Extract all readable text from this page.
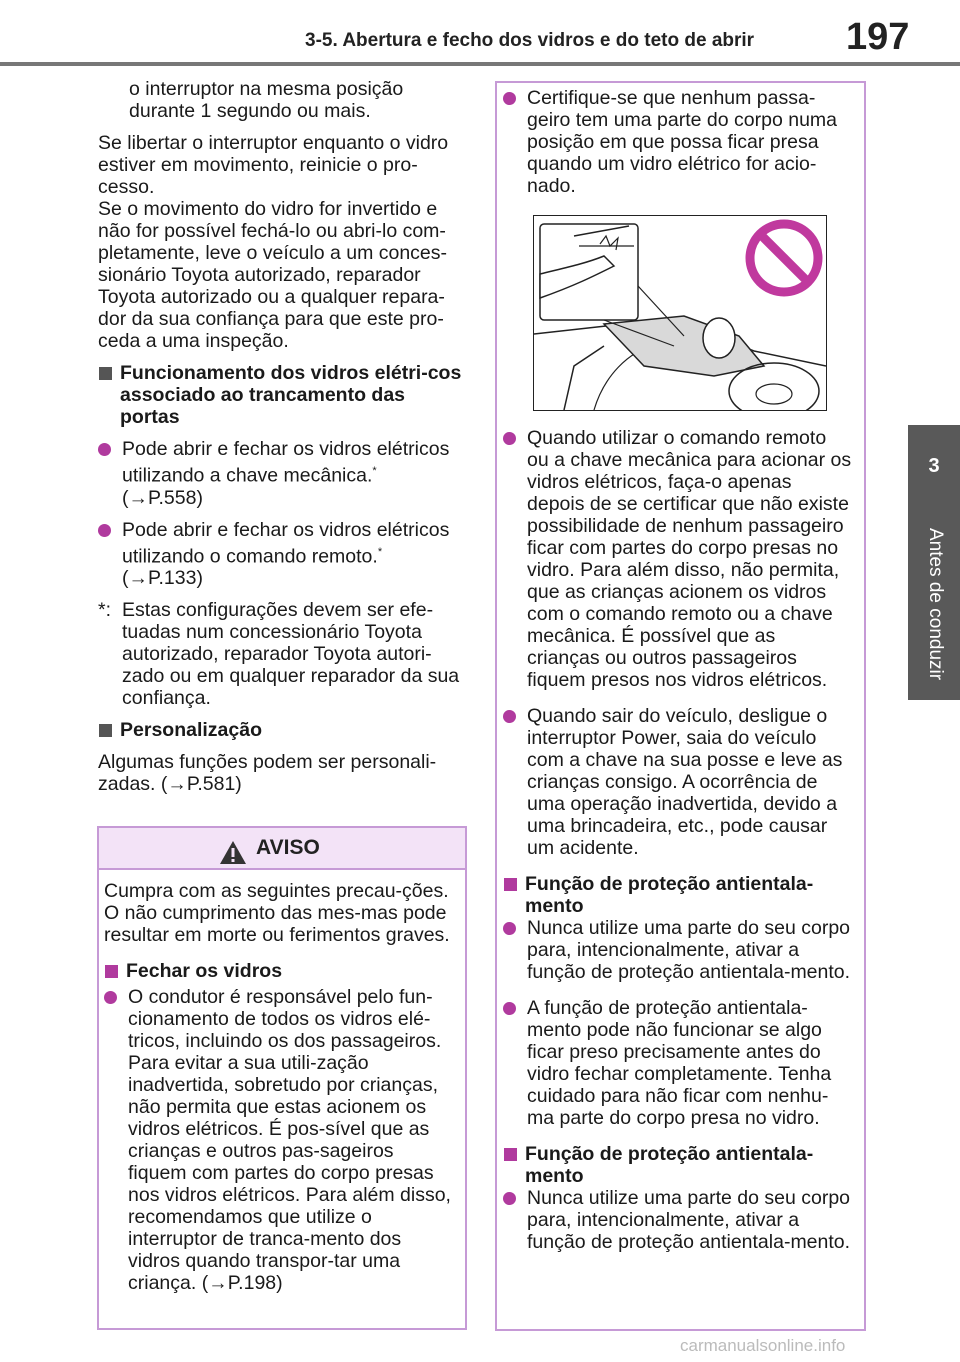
3-5. Abertura e fecho dos vidros e do teto de abrir 197
3
Antes de conduzir

o interruptor na mesma posição durante 1 segundo ou mais.

Se libertar o interruptor enquanto o vidro estiver em movimento, reinicie o pro-cesso.

Se o movimento do vidro for invertido e não for possível fechá-lo ou abri-lo com-pletamente, leve o veículo a um conces-sionário Toyota autorizado, reparador Toyota autorizado ou a qualquer repara-dor da sua confiança para que este pro-ceda a uma inspeção.

Funcionamento dos vidros elétri-cos associado ao trancamento das portas
Pode abrir e fechar os vidros elétricos utilizando a chave mecânica.*
(→P.558)
Pode abrir e fechar os vidros elétricos utilizando o comando remoto.*
(→P.133)
*: Estas configurações devem ser efe-tuadas num concessionário Toyota autorizado, reparador Toyota autori-zado ou em qualquer reparador da sua confiança.
Personalização

Algumas funções podem ser personali-zadas. (→P.581)

AVISO

Cumpra com as seguintes precau-ções. O não cumprimento das mes-mas pode resultar em morte ou ferimentos graves.

Fechar os vidros
O condutor é responsável pelo fun-cionamento de todos os vidros elé-tricos, incluindo os dos passageiros. Para evitar a sua utili-zação inadvertida, sobretudo por crianças, não permita que estas acionem os vidros elétricos. É pos-sível que as crianças e outros pas-sageiros fiquem com partes do corpo presas nos vidros elétricos. Para além disso, recomendamos que utilize o interruptor de tranca-mento dos vidros quando transpor-tar uma criança. (→P.198)
Certifique-se que nenhum passa-geiro tem uma parte do corpo numa posição em que possa ficar presa quando um vidro elétrico for acio-nado.
Quando utilizar o comando remoto ou a chave mecânica para acionar os vidros elétricos, faça-o apenas depois de se certificar que não existe possibilidade de nenhum passageiro ficar com partes do corpo presas no vidro. Para além disso, não permita, que as crianças acionem os vidros com o comando remoto ou a chave mecânica. É possível que as crianças ou outros passageiros fiquem presos nos vidros elétricos.
Quando sair do veículo, desligue o interruptor Power, saia do veículo com a chave na sua posse e leve as crianças consigo. A ocorrência de uma operação inadvertida, devido a uma brincadeira, etc., pode causar um acidente.
Função de proteção antientala-mento
Nunca utilize uma parte do seu corpo para, intencionalmente, ativar a função de proteção antientala-mento.
A função de proteção antientala-mento pode não funcionar se algo ficar preso precisamente antes do vidro fechar completamente. Tenha cuidado para não ficar com nenhu-ma parte do corpo presa no vidro.
Função de proteção antientala-mento
Nunca utilize uma parte do seu corpo para, intencionalmente, ativar a função de proteção antientala-mento.
carmanualsonline.info
